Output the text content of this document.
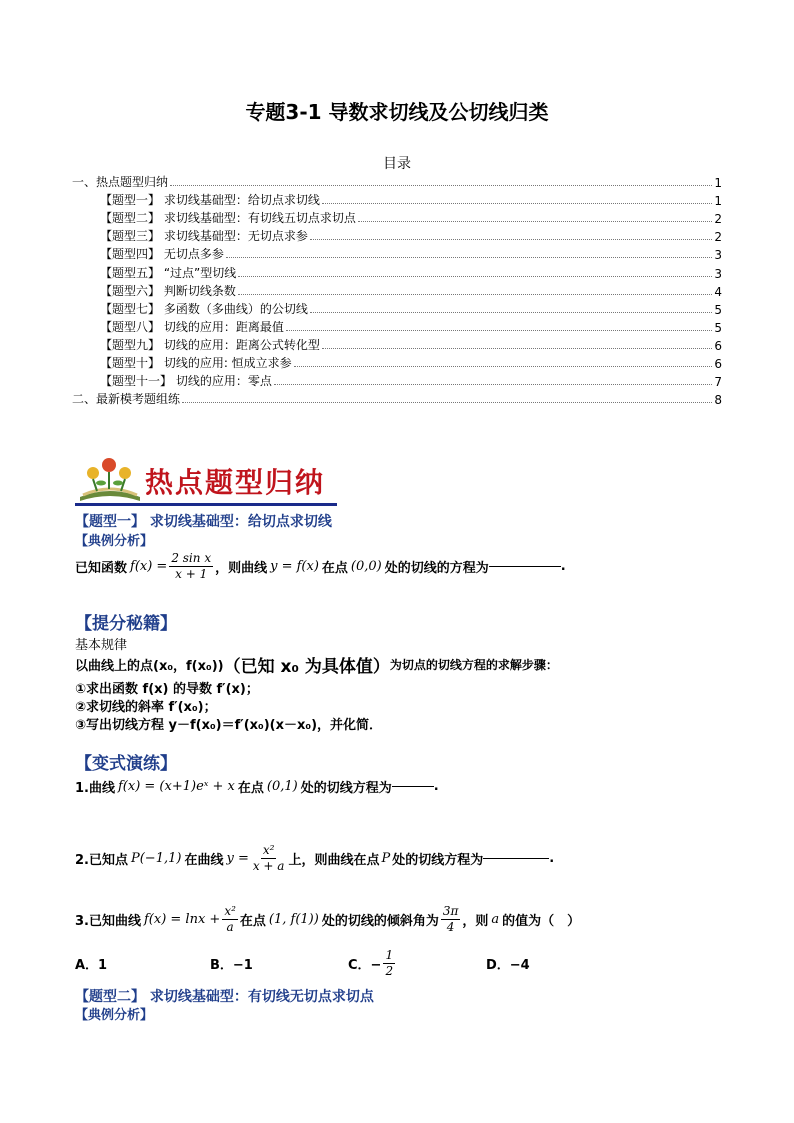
专题3-1 导数求切线及公切线归类
目录
一、热点题型归纳	1
【题型一】 求切线基础型：给切点求切线	1
【题型二】 求切线基础型：有切线五切点求切点	2
【题型三】 求切线基础型：无切点求参	2
【题型四】 无切点多参	3
【题型五】 “过点”型切线	3
【题型六】 判断切线条数	4
【题型七】 多函数（多曲线）的公切线	5
【题型八】 切线的应用：距离最值	5
【题型九】 切线的应用：距离公式转化型	6
【题型十】 切线的应用: 恒成立求参	6
【题型十一】 切线的应用：零点	7
二、最新模考题组练	8
热点题型归纳
【题型一】 求切线基础型：给切点求切线
【典例分析】
已知函数 $f(x) = \frac{\text{2 sin x}}{x + 1}$ ，则曲线 y = f(x) 在点 (0,0) 处的切线的方程为	.
【提分秘籍】
基本规律
以曲线上的点(x₀，f(x₀)) （已知 x₀ 为具体值） 为切点的切线方程的求解步骤：
①求出函数 f(x) 的导数 f′(x)；
②求切线的斜率 f′(x₀)；
③写出切线方程 y－f(x₀)＝f′(x₀)(x－x₀)，并化简．
【变式演练】
1.曲线 f(x) = (x+1)eˣ + x 在点 (0,1) 处的切线方程为	.
2.已知点 P(−1,1) 在曲线 $y = \frac{\text{x²}}{x + a}$ 上，则曲线在点 P 处的切线方程为	.
3.已知曲线 $f(x) = \ln x + \frac{\text{x²}}{a}$ 在点 (1, f(1)) 处的切线的倾斜角为 $\frac{3\pi}{4}$ ，则 a 的值为（　）
A．1	B．−1	C．− $\frac{1}{2}$	D．−4
【题型二】 求切线基础型：有切线无切点求切点
【典例分析】
